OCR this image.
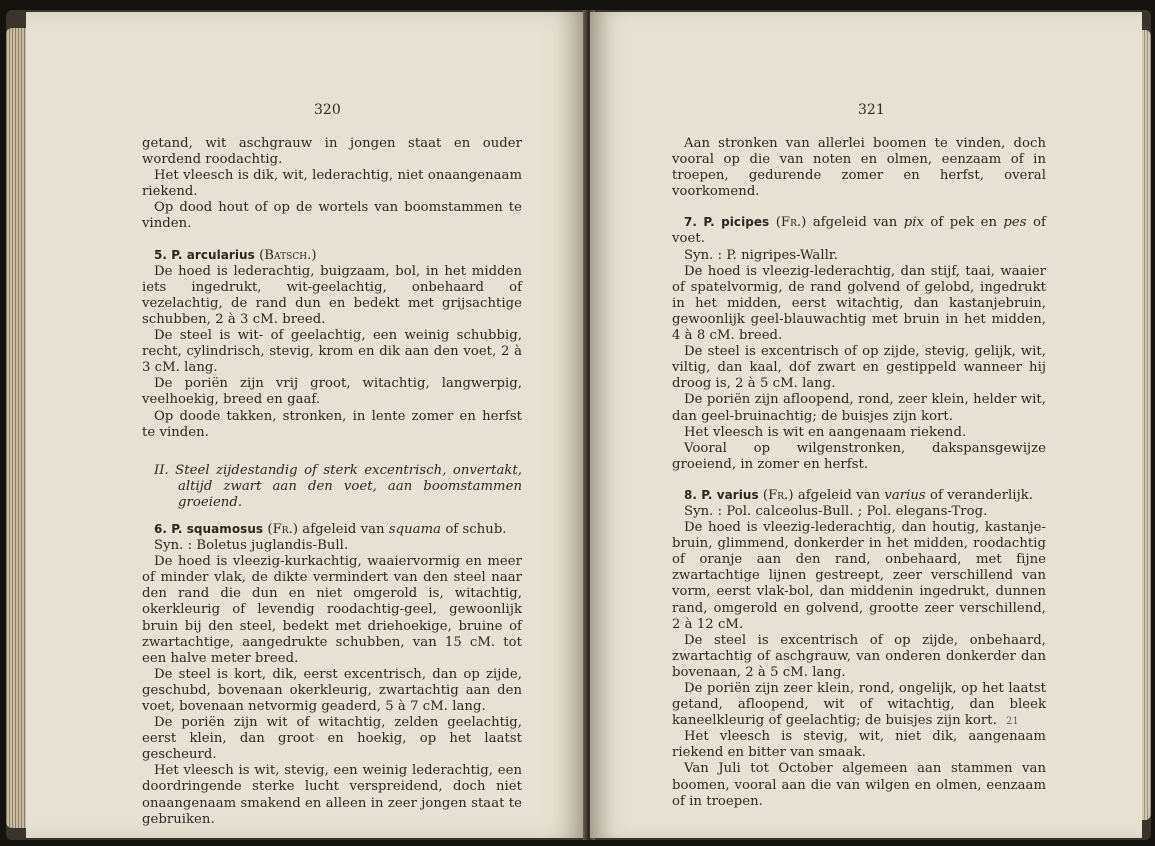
320

getand, wit aschgrauw in jongen staat en ouder wordend roodachtig.

Het vleesch is dik, wit, lederachtig, niet onaangenaam riekend.

Op dood hout of op de wortels van boomstammen te vinden.

5. P. arcularius (Batsch.)

De hoed is lederachtig, buigzaam, bol, in het midden iets ingedrukt, wit-geelachtig, onbehaard of vezelachtig, de rand dun en bedekt met grijsachtige schubben, 2 à 3 cM. breed.

De steel is wit- of geelachtig, een weinig schubbig, recht, cylindrisch, stevig, krom en dik aan den voet, 2 à 3 cM. lang.

De poriën zijn vrij groot, witachtig, langwerpig, veelhoekig, breed en gaaf.

Op doode takken, stronken, in lente zomer en herfst te vinden.

II. Steel zijdestandig of sterk excentrisch, onvertakt, altijd zwart aan den voet, aan boomstammen groeiend.

6. P. squamosus (Fr.) afgeleid van squama of schub.

Syn. : Boletus juglandis-Bull.

De hoed is vleezig-kurkachtig, waaiervormig en meer of minder vlak, de dikte vermindert van den steel naar den rand die dun en niet omgerold is, witachtig, okerkleurig of levendig roodachtig-geel, gewoonlijk bruin bij den steel, bedekt met driehoekige, bruine of zwartachtige, aangedrukte schubben, van 15 cM. tot een halve meter breed.

De steel is kort, dik, eerst excentrisch, dan op zijde, geschubd, bovenaan okerkleurig, zwartachtig aan den voet, bovenaan netvormig geaderd, 5 à 7 cM. lang.

De poriën zijn wit of witachtig, zelden geelachtig, eerst klein, dan groot en hoekig, op het laatst gescheurd.

Het vleesch is wit, stevig, een weinig lederachtig, een doordringende sterke lucht verspreidend, doch niet onaangenaam smakend en alleen in zeer jongen staat te gebruiken.

321

Aan stronken van allerlei boomen te vinden, doch vooral op die van noten en olmen, eenzaam of in troepen, gedurende zomer en herfst, overal voorkomend.

7. P. picipes (Fr.) afgeleid van pix of pek en pes of voet.

Syn. : P. nigripes-Wallr.

De hoed is vleezig-lederachtig, dan stijf, taai, waaier of spatelvormig, de rand golvend of gelobd, ingedrukt in het midden, eerst witachtig, dan kastanjebruin, gewoonlijk geel-blauwachtig met bruin in het midden, 4 à 8 cM. breed.

De steel is excentrisch of op zijde, stevig, gelijk, wit, viltig, dan kaal, dof zwart en gestippeld wanneer hij droog is, 2 à 5 cM. lang.

De poriën zijn afloopend, rond, zeer klein, helder wit, dan geel-bruinachtig; de buisjes zijn kort.

Het vleesch is wit en aangenaam riekend.

Vooral op wilgenstronken, dakspansgewijze groeiend, in zomer en herfst.

8. P. varius (Fr.) afgeleid van varius of veranderlijk.

Syn. : Pol. calceolus-Bull. ; Pol. elegans-Trog.

De hoed is vleezig-lederachtig, dan houtig, kastanje-bruin, glimmend, donkerder in het midden, roodachtig of oranje aan den rand, onbehaard, met fijne zwartachtige lijnen gestreept, zeer verschillend van vorm, eerst vlak-bol, dan middenin ingedrukt, dunnen rand, omgerold en golvend, grootte zeer verschillend, 2 à 12 cM.

De steel is excentrisch of op zijde, onbehaard, zwartachtig of aschgrauw, van onderen donkerder dan bovenaan, 2 à 5 cM. lang.

De poriën zijn zeer klein, rond, ongelijk, op het laatst getand, afloopend, wit of witachtig, dan bleek kaneelkleurig of geelachtig; de buisjes zijn kort.

Het vleesch is stevig, wit, niet dik, aangenaam riekend en bitter van smaak.

Van Juli tot October algemeen aan stammen van boomen, vooral aan die van wilgen en olmen, eenzaam of in troepen.

21
